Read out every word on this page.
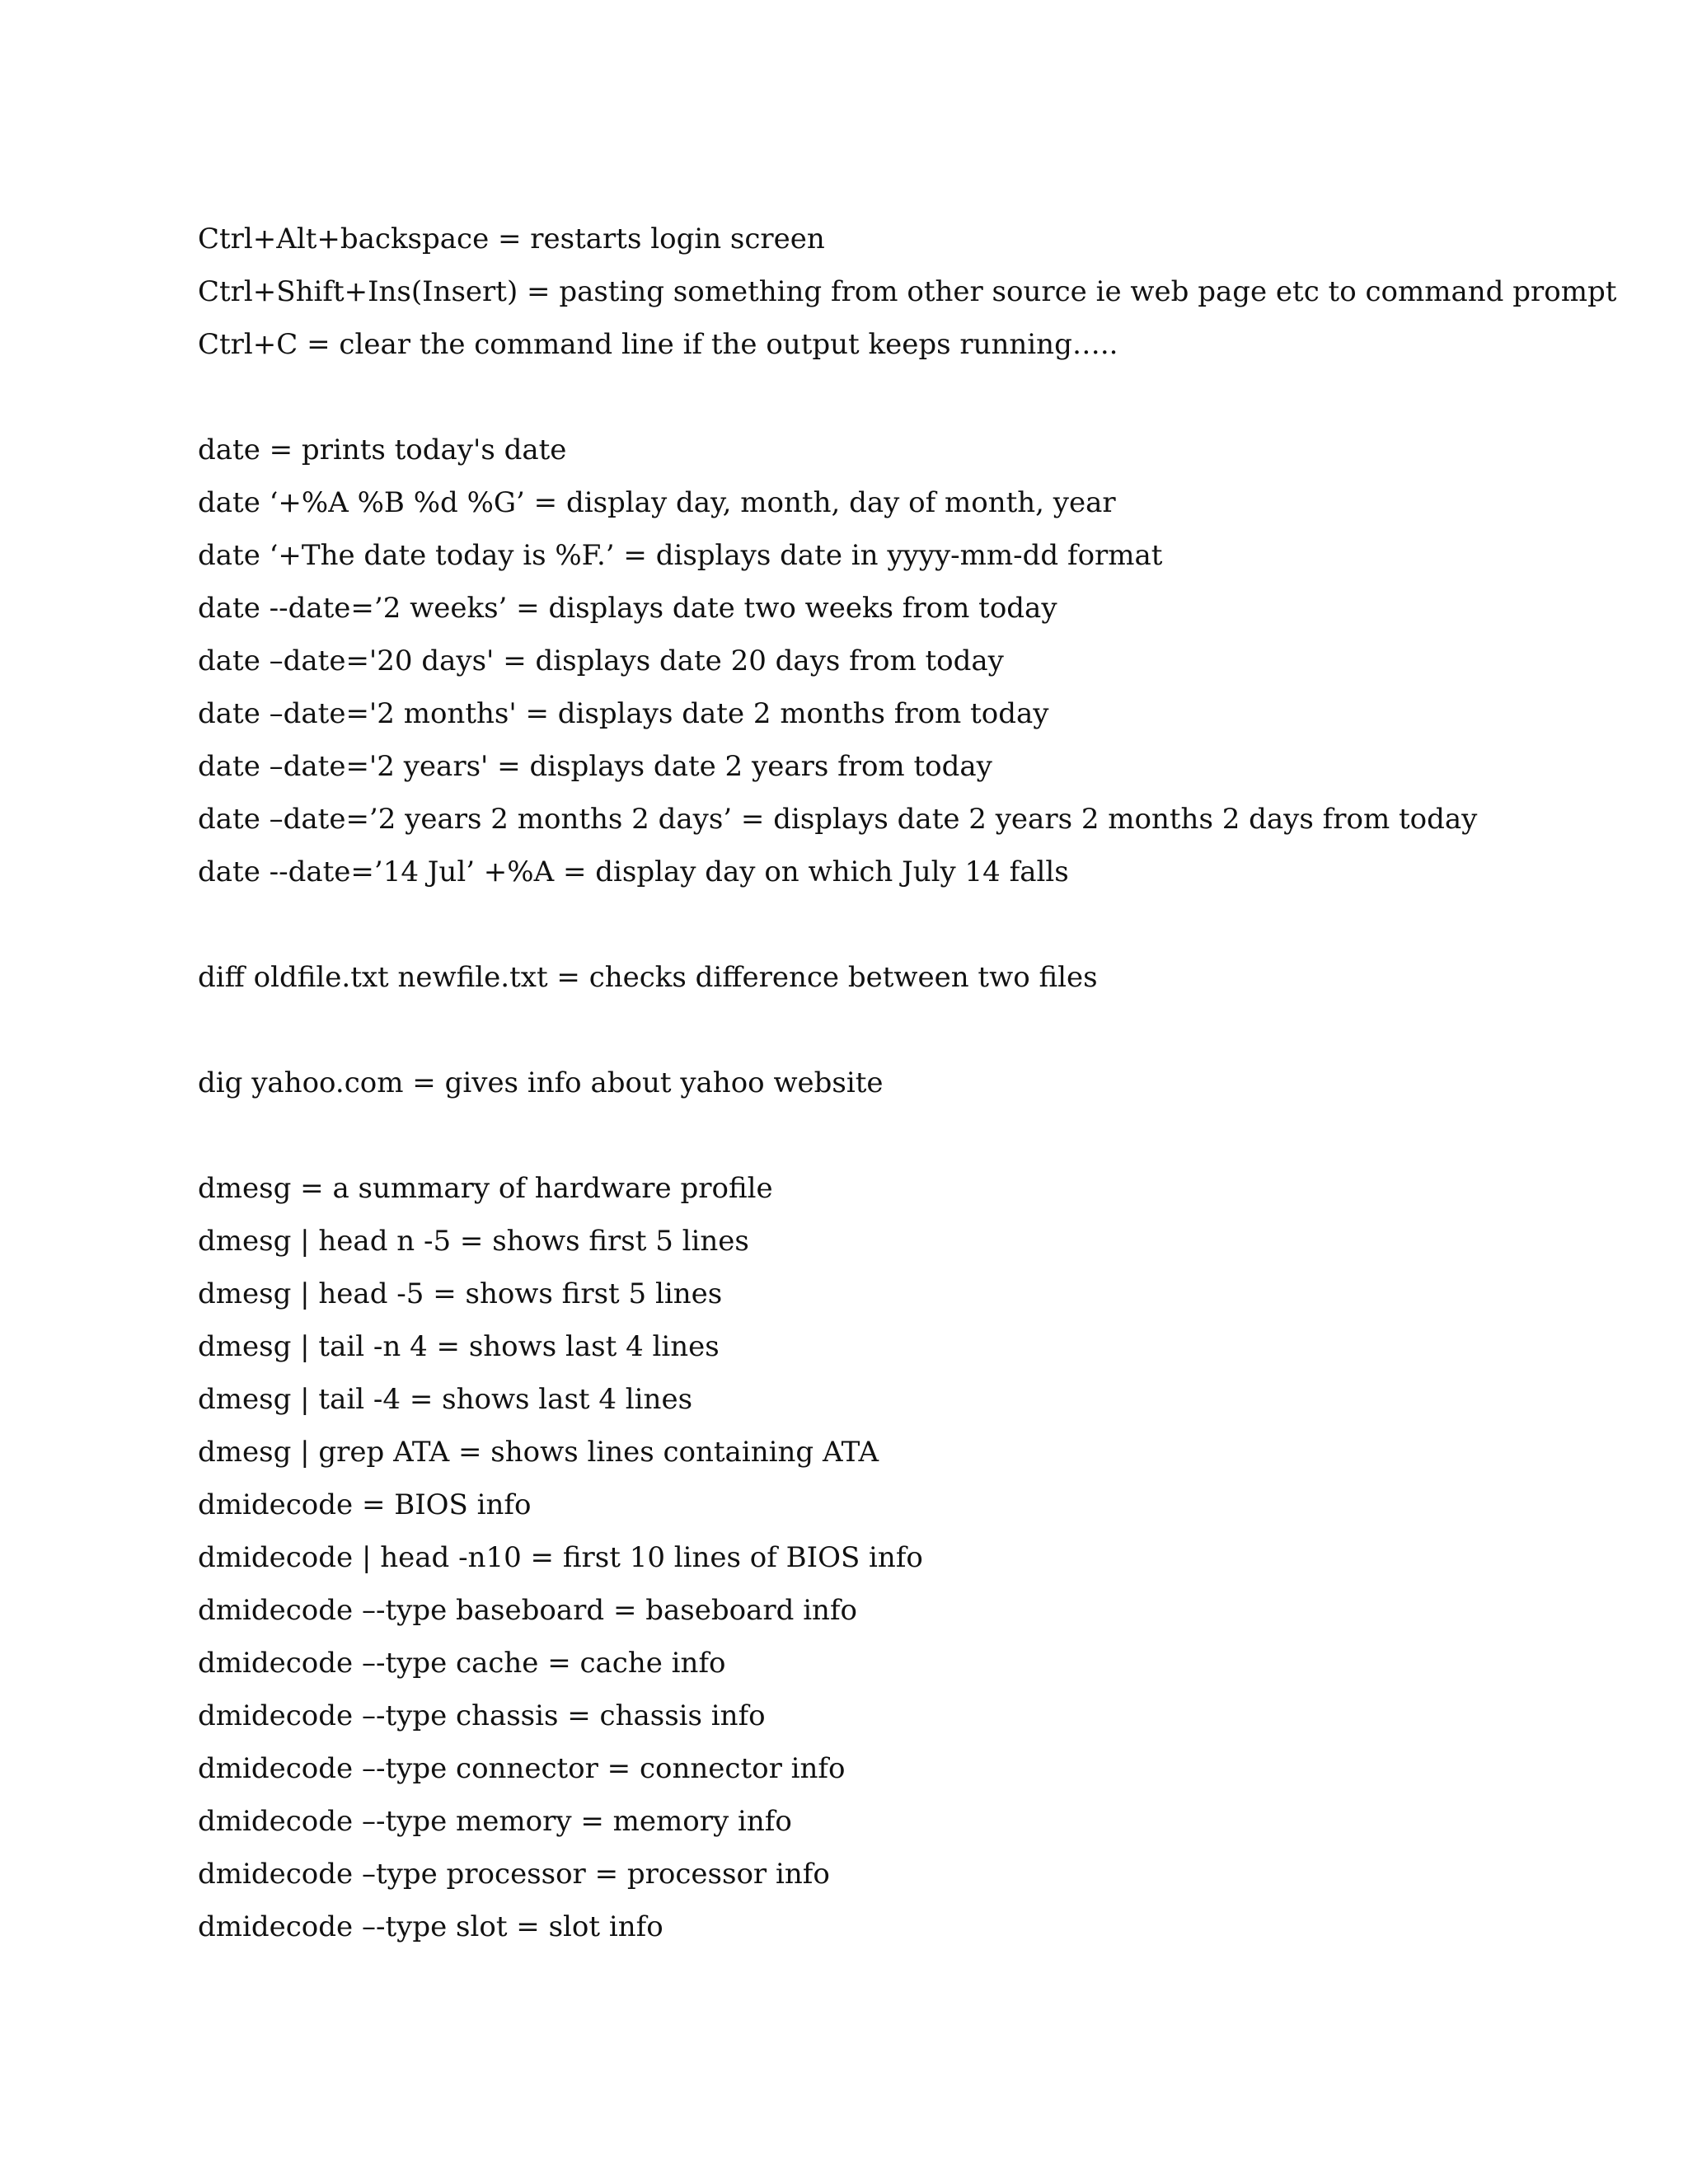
Ctrl+Alt+backspace = restarts login screen
Ctrl+Shift+Ins(Insert) = pasting something from other source ie web page etc to command prompt
Ctrl+C = clear the command line if the output keeps running…..
date = prints today's date
date ‘+%A %B %d %G’ = display day, month, day of month, year
date ‘+The date today is %F.’ = displays date in yyyy-mm-dd format
date --date=’2 weeks’ = displays date two weeks from today
date –date='20 days' = displays date 20 days from today
date –date='2 months' = displays date 2 months from today
date –date='2 years' = displays date 2 years from today
date –date=’2 years 2 months 2 days’ = displays date 2 years 2 months 2 days from today
date --date=’14 Jul’ +%A = display day on which July 14 falls
diff oldfile.txt newfile.txt = checks difference between two files
dig yahoo.com = gives info about yahoo website
dmesg = a summary of hardware profile
dmesg | head n -5 = shows first 5 lines
dmesg | head -5 = shows first 5 lines
dmesg | tail -n 4 = shows last 4 lines
dmesg | tail -4 = shows last 4 lines
dmesg | grep ATA = shows lines containing ATA
dmidecode = BIOS info
dmidecode | head -n10 = first 10 lines of BIOS info
dmidecode –-type baseboard = baseboard info
dmidecode –-type cache = cache info
dmidecode –-type chassis = chassis info
dmidecode –-type connector = connector info
dmidecode –-type memory = memory info
dmidecode –type processor = processor info
dmidecode –-type slot = slot info
